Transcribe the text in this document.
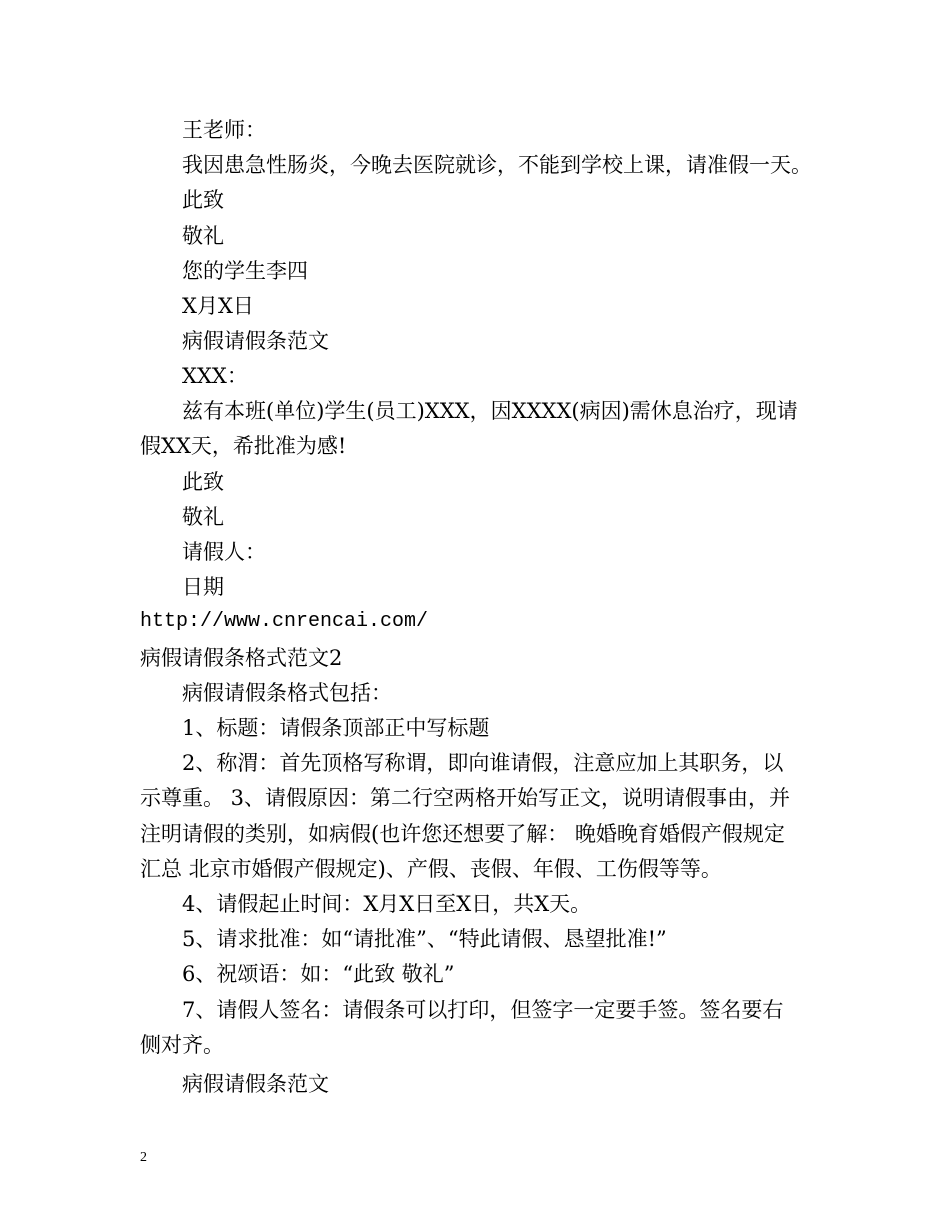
王老师：
我因患急性肠炎，今晚去医院就诊，不能到学校上课，请准假一天。
此致
敬礼
您的学生李四
X月X日
病假请假条范文
XXX：
兹有本班(单位)学生(员工)XXX，因XXXX(病因)需休息治疗，现请
假XX天，希批准为感!
此致
敬礼
请假人：
日期
http://www.cnrencai.com/
病假请假条格式范文2
病假请假条格式包括：
1、标题：请假条顶部正中写标题
2、称渭：首先顶格写称谓，即向谁请假，注意应加上其职务，以
示尊重。 3、请假原因：第二行空两格开始写正文，说明请假事由，并
注明请假的类别，如病假(也许您还想要了解： 晚婚晚育婚假产假规定
汇总 北京市婚假产假规定)、产假、丧假、年假、工伤假等等。
4、请假起止时间：X月X日至X日，共X天。
5、请求批准：如“请批准”、“特此请假、恳望批准!”
6、祝颂语：如：“此致 敬礼”
7、请假人签名：请假条可以打印，但签字一定要手签。签名要右
侧对齐。
病假请假条范文
2
